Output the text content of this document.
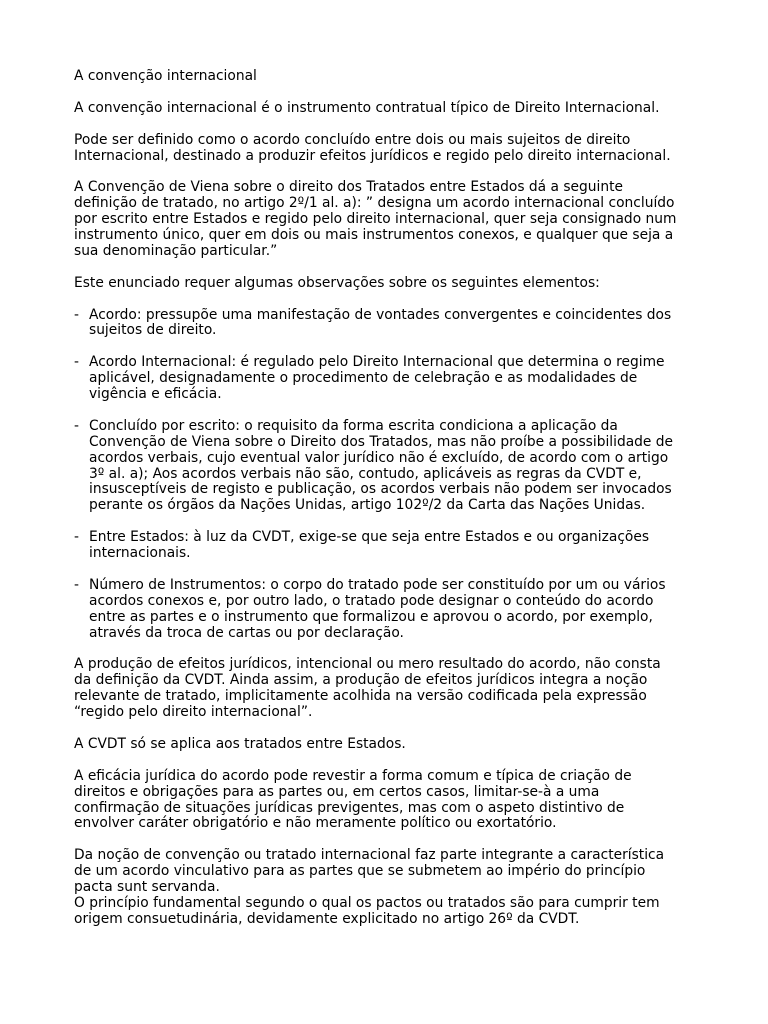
A convenção internacional

A convenção internacional é o instrumento contratual típico de Direito Internacional.

Pode ser definido como o acordo concluído entre dois ou mais sujeitos de direito
Internacional, destinado a produzir efeitos jurídicos e regido pelo direito internacional.

A Convenção de Viena sobre o direito dos Tratados entre Estados dá a seguinte
definição de tratado, no artigo 2º/1 al. a): ” designa um acordo internacional concluído
por escrito entre Estados e regido pelo direito internacional, quer seja consignado num
instrumento único, quer em dois ou mais instrumentos conexos, e qualquer que seja a
sua denominação particular.”

Este enunciado requer algumas observações sobre os seguintes elementos:

- Acordo: pressupõe uma manifestação de vontades convergentes e coincidentes dos
sujeitos de direito.
- Acordo Internacional: é regulado pelo Direito Internacional que determina o regime
aplicável, designadamente o procedimento de celebração e as modalidades de
vigência e eficácia.
- Concluído por escrito: o requisito da forma escrita condiciona a aplicação da
Convenção de Viena sobre o Direito dos Tratados, mas não proíbe a possibilidade de
acordos verbais, cujo eventual valor jurídico não é excluído, de acordo com o artigo
3º al. a); Aos acordos verbais não são, contudo, aplicáveis as regras da CVDT e,
insusceptíveis de registo e publicação, os acordos verbais não podem ser invocados
perante os órgãos da Nações Unidas, artigo 102º/2 da Carta das Nações Unidas.
- Entre Estados: à luz da CVDT, exige-se que seja entre Estados e ou organizações
internacionais.
- Número de Instrumentos: o corpo do tratado pode ser constituído por um ou vários
acordos conexos e, por outro lado, o tratado pode designar o conteúdo do acordo
entre as partes e o instrumento que formalizou e aprovou o acordo, por exemplo,
através da troca de cartas ou por declaração.

A produção de efeitos jurídicos, intencional ou mero resultado do acordo, não consta
da definição da CVDT. Ainda assim, a produção de efeitos jurídicos integra a noção
relevante de tratado, implicitamente acolhida na versão codificada pela expressão
“regido pelo direito internacional”.

A CVDT só se aplica aos tratados entre Estados.

A eficácia jurídica do acordo pode revestir a forma comum e típica de criação de
direitos e obrigações para as partes ou, em certos casos, limitar-se-à a uma
confirmação de situações jurídicas previgentes, mas com o aspeto distintivo de
envolver caráter obrigatório e não meramente político ou exortatório.

Da noção de convenção ou tratado internacional faz parte integrante a característica
de um acordo vinculativo para as partes que se submetem ao império do princípio
pacta sunt servanda.

O princípio fundamental segundo o qual os pactos ou tratados são para cumprir tem
origem consuetudinária, devidamente explicitado no artigo 26º da CVDT.
